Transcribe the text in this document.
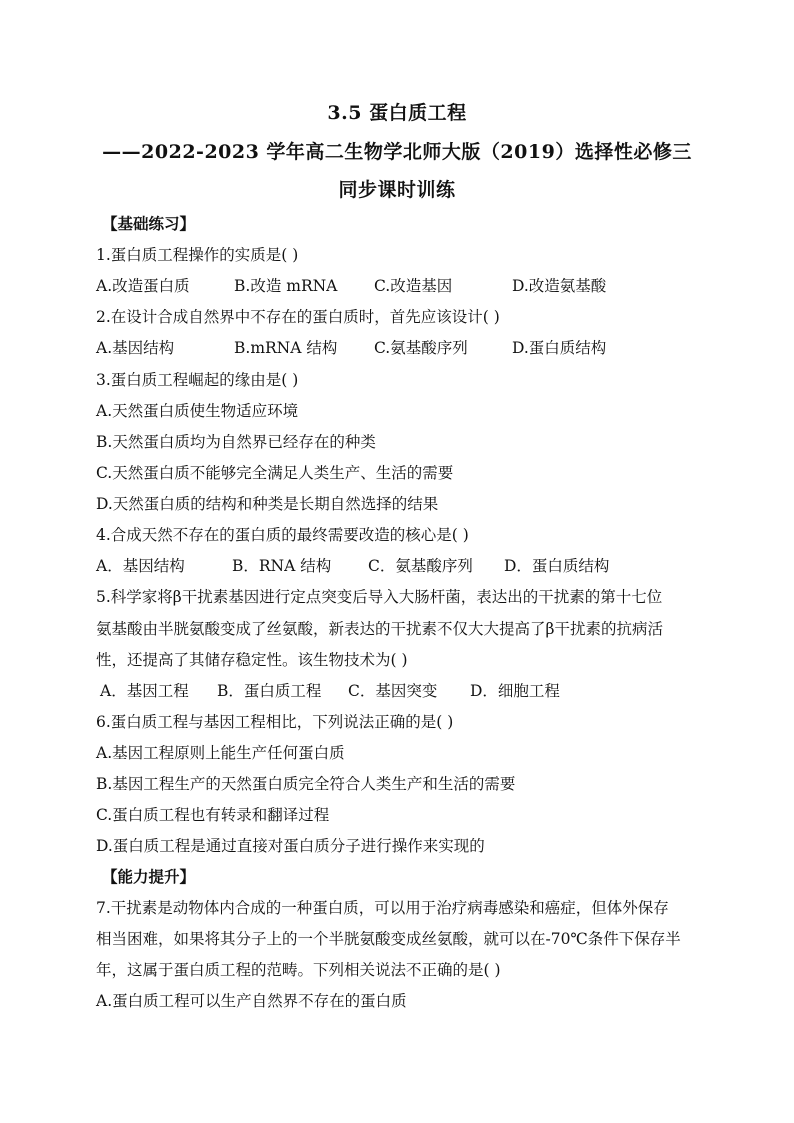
3.5 蛋白质工程
——2022-2023 学年高二生物学北师大版（2019）选择性必修三
同步课时训练
【基础练习】
1.蛋白质工程操作的实质是( )
A.改造蛋白质	B.改造 mRNA C.改造基因	D.改造氨基酸
2.在设计合成自然界中不存在的蛋白质时，首先应该设计( )
A.基因结构	B.mRNA 结构 C.氨基酸序列	D.蛋白质结构
3.蛋白质工程崛起的缘由是( )
A.天然蛋白质使生物适应环境
B.天然蛋白质均为自然界已经存在的种类
C.天然蛋白质不能够完全满足人类生产、生活的需要
D.天然蛋白质的结构和种类是长期自然选择的结果
4.合成天然不存在的蛋白质的最终需要改造的核心是( )
A．基因结构	B．RNA 结构 C．氨基酸序列 D．蛋白质结构
5.科学家将β干扰素基因进行定点突变后导入大肠杆菌，表达出的干扰素的第十七位
氨基酸由半胱氨酸变成了丝氨酸，新表达的干扰素不仅大大提高了β干扰素的抗病活
性，还提高了其储存稳定性。该生物技术为( )
A．基因工程 B．蛋白质工程 C．基因突变 D．细胞工程
6.蛋白质工程与基因工程相比，下列说法正确的是( )
A.基因工程原则上能生产任何蛋白质
B.基因工程生产的天然蛋白质完全符合人类生产和生活的需要
C.蛋白质工程也有转录和翻译过程
D.蛋白质工程是通过直接对蛋白质分子进行操作来实现的
【能力提升】
7.干扰素是动物体内合成的一种蛋白质，可以用于治疗病毒感染和癌症，但体外保存
相当困难，如果将其分子上的一个半胱氨酸变成丝氨酸，就可以在-70℃条件下保存半
年，这属于蛋白质工程的范畴。下列相关说法不正确的是( )
A.蛋白质工程可以生产自然界不存在的蛋白质
